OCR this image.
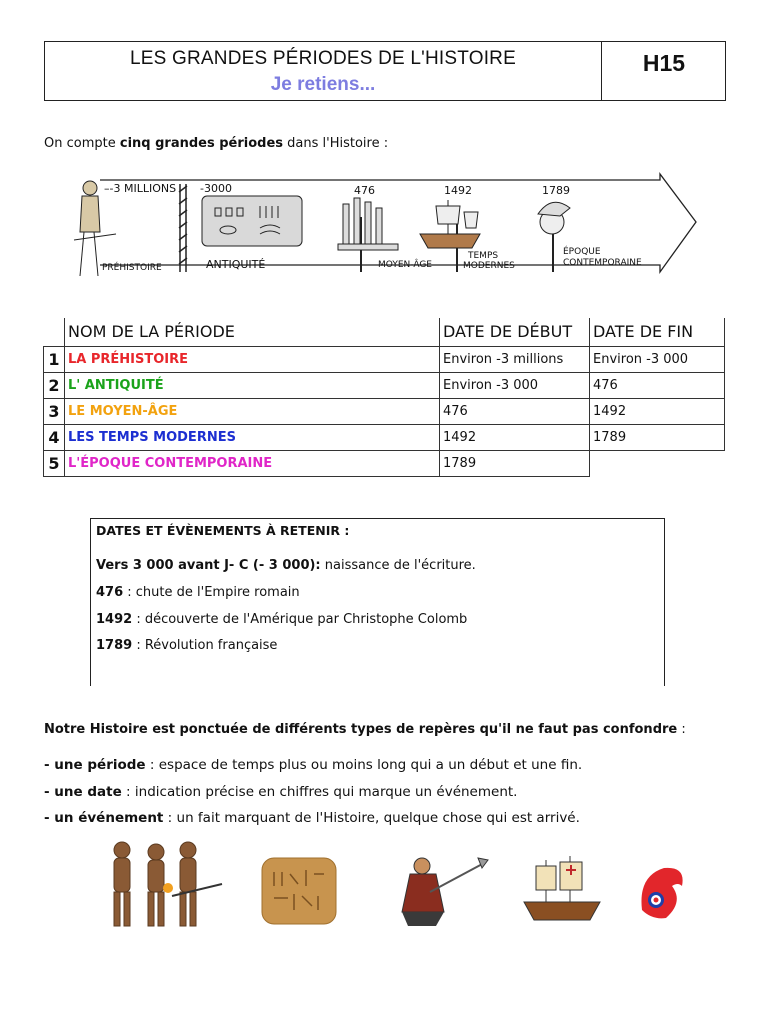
LES GRANDES PÉRIODES DE L'HISTOIRE
Je retiens...
H15
On compte cinq grandes périodes dans l'Histoire :
–-3 MILLIONS -3000	476	1492	1789
PRÉHISTOIRE	ANTIQUITÉ	MOYEN-ÂGE
TEMPS
MODERNES
ÉPOQUE
CONTEMPORAINE
	NOM DE LA PÉRIODE	DATE DE DÉBUT	DATE DE FIN
1	LA PRÉHISTOIRE	Environ -3 millions	Environ -3 000
2	L' ANTIQUITÉ	Environ -3 000	476
3	LE MOYEN-ÂGE	476	1492
4	LES TEMPS MODERNES	1492	1789
5	L'ÉPOQUE CONTEMPORAINE	1789	
DATES ET ÉVÈNEMENTS À RETENIR :
Vers 3 000 avant J- C (- 3 000): naissance de l'écriture.
476 : chute de l'Empire romain
1492 : découverte de l'Amérique par Christophe Colomb
1789 : Révolution française
Notre Histoire est ponctuée de différents types de repères qu'il ne faut pas confondre :
- une période : espace de temps plus ou moins long qui a un début et une fin.
- une date : indication précise en chiffres qui marque un événement.
- un événement : un fait marquant de l'Histoire, quelque chose qui est arrivé.
